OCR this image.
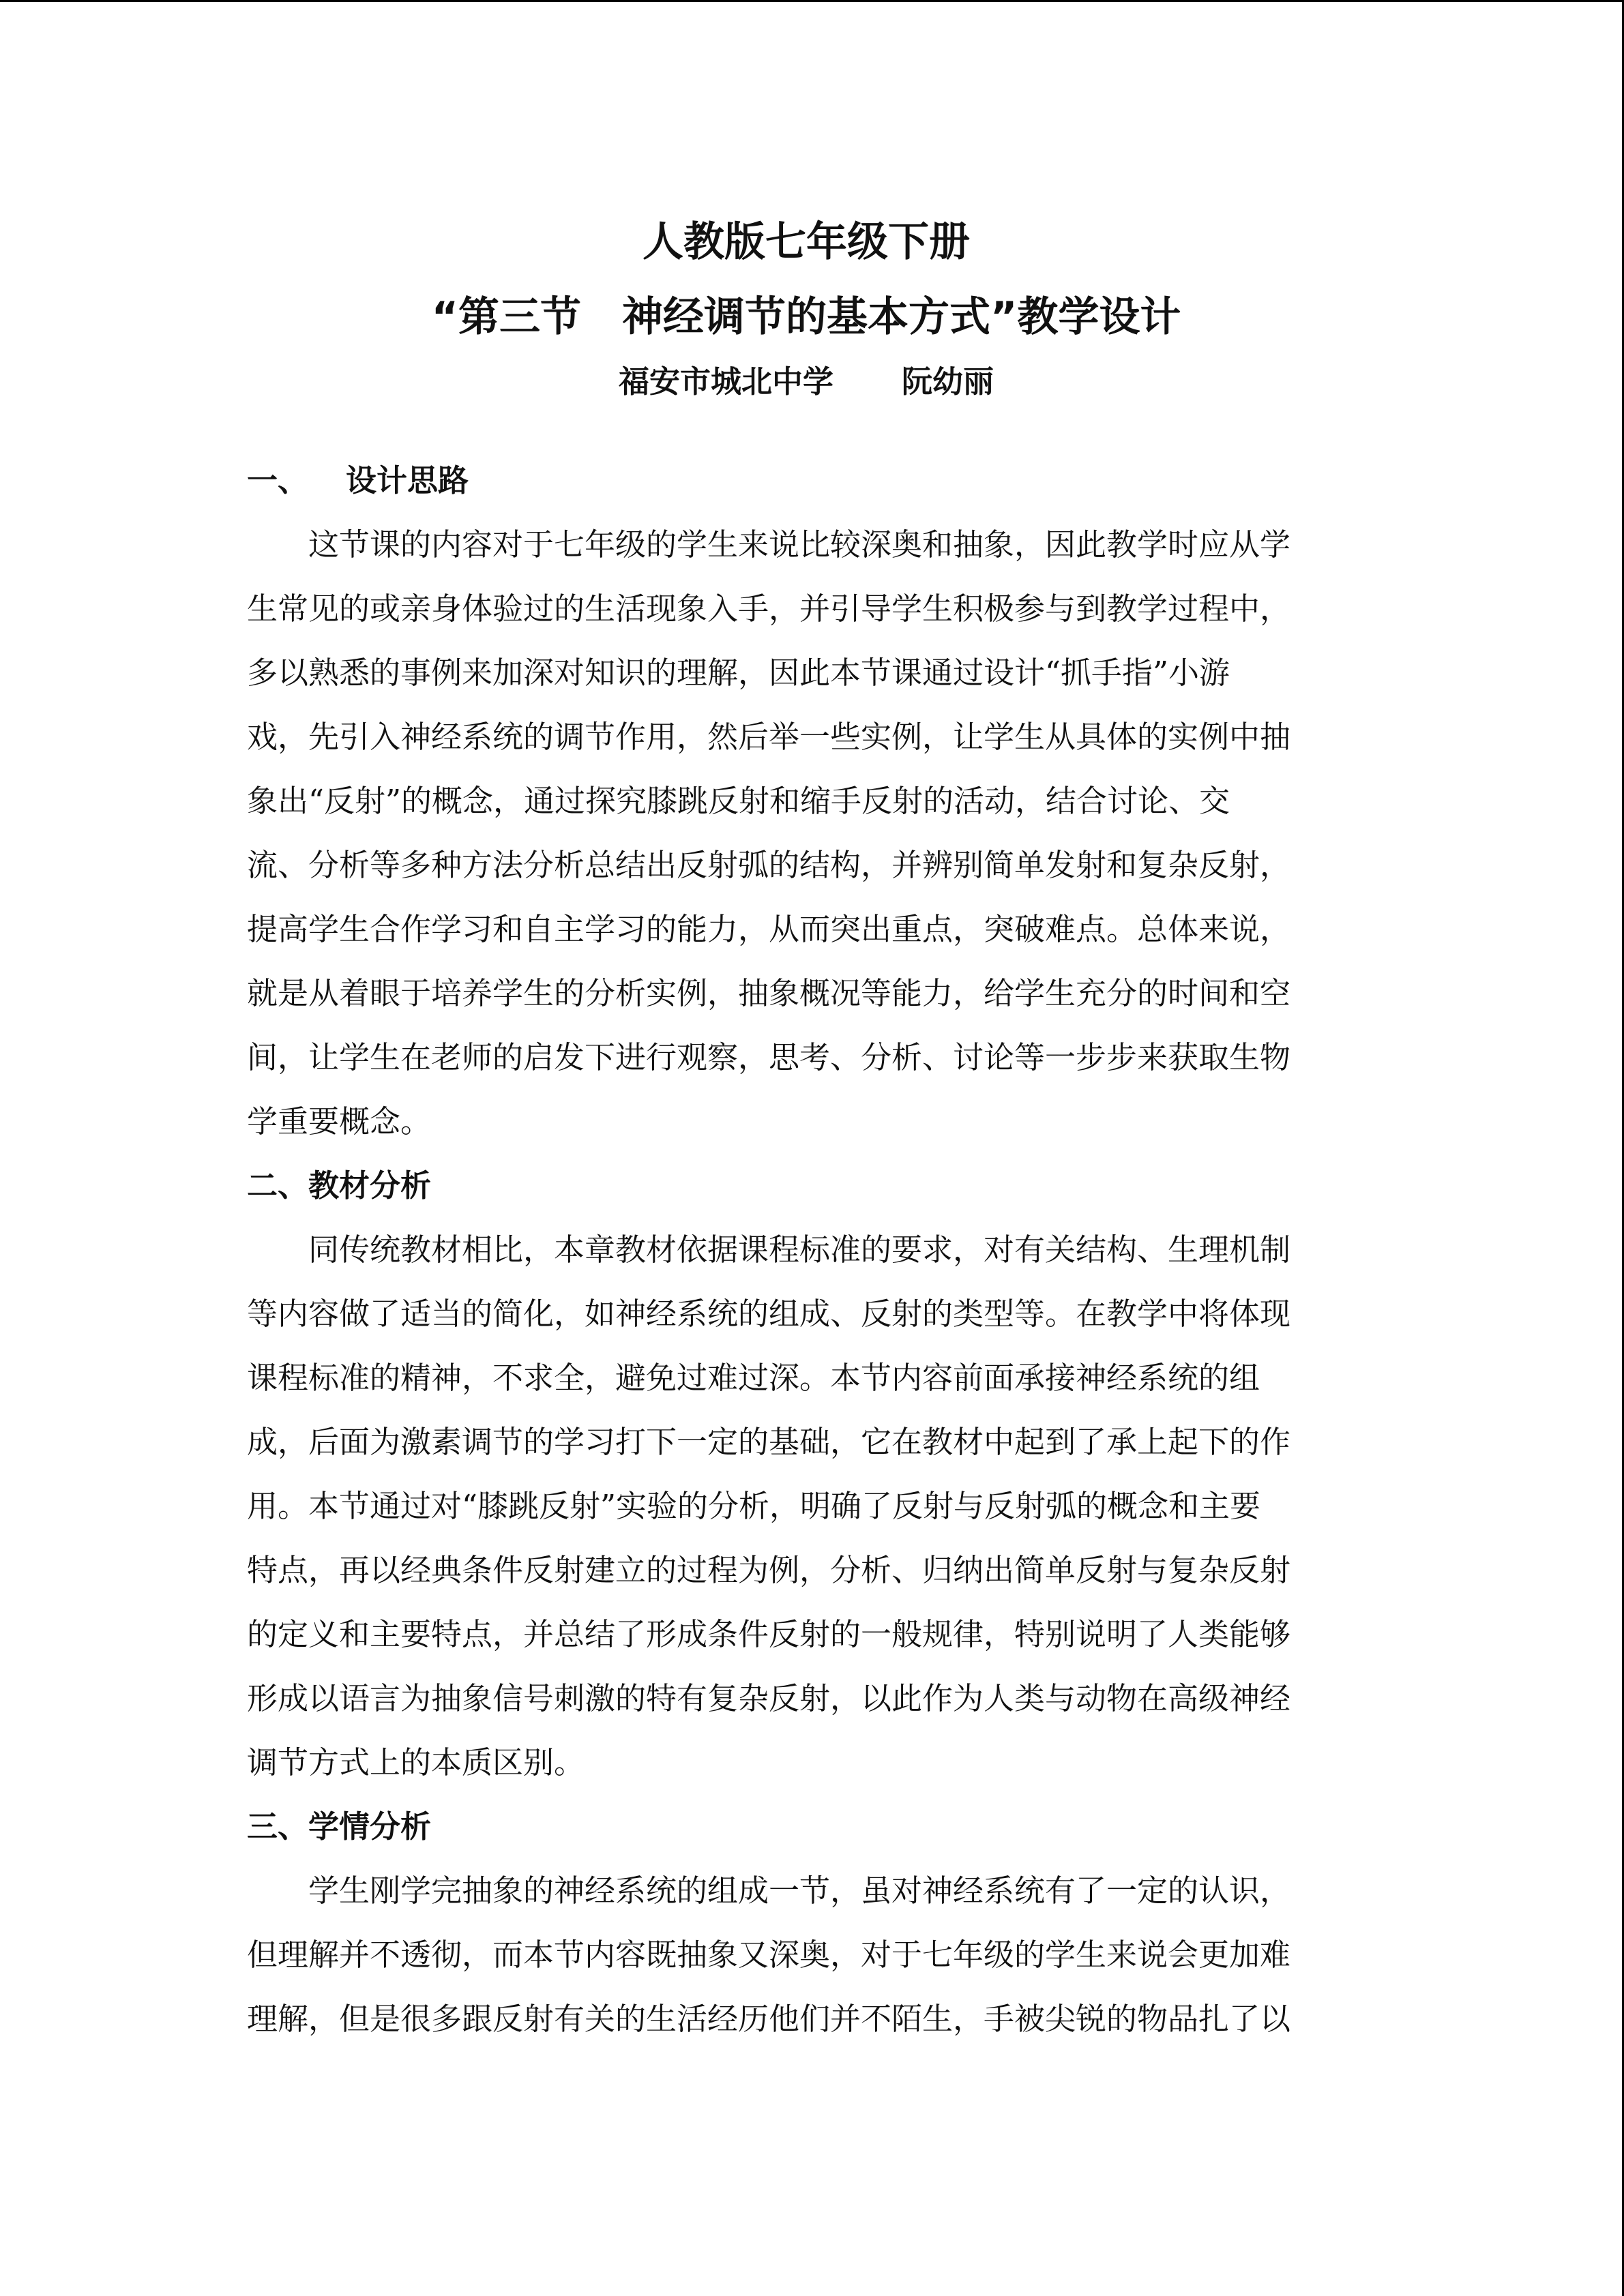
人教版七年级下册

“第三节　神经调节的基本方式”教学设计

福安市城北中学 阮幼丽

一、 设计思路

这节课的内容对于七年级的学生来说比较深奥和抽象，因此教学时应从学

生常见的或亲身体验过的生活现象入手，并引导学生积极参与到教学过程中，

多以熟悉的事例来加深对知识的理解，因此本节课通过设计“抓手指”小游

戏，先引入神经系统的调节作用，然后举一些实例，让学生从具体的实例中抽

象出“反射”的概念，通过探究膝跳反射和缩手反射的活动，结合讨论、交

流、分析等多种方法分析总结出反射弧的结构，并辨别简单发射和复杂反射，

提高学生合作学习和自主学习的能力，从而突出重点，突破难点。总体来说，

就是从着眼于培养学生的分析实例，抽象概况等能力，给学生充分的时间和空

间，让学生在老师的启发下进行观察，思考、分析、讨论等一步步来获取生物

学重要概念。

二、教材分析

同传统教材相比，本章教材依据课程标准的要求，对有关结构、生理机制

等内容做了适当的简化，如神经系统的组成、反射的类型等。在教学中将体现

课程标准的精神，不求全，避免过难过深。本节内容前面承接神经系统的组

成，后面为激素调节的学习打下一定的基础，它在教材中起到了承上起下的作

用。本节通过对“膝跳反射”实验的分析，明确了反射与反射弧的概念和主要

特点，再以经典条件反射建立的过程为例，分析、归纳出简单反射与复杂反射

的定义和主要特点，并总结了形成条件反射的一般规律，特别说明了人类能够

形成以语言为抽象信号刺激的特有复杂反射，以此作为人类与动物在高级神经

调节方式上的本质区别。

三、学情分析

学生刚学完抽象的神经系统的组成一节，虽对神经系统有了一定的认识，

但理解并不透彻，而本节内容既抽象又深奥，对于七年级的学生来说会更加难

理解，但是很多跟反射有关的生活经历他们并不陌生，手被尖锐的物品扎了以
